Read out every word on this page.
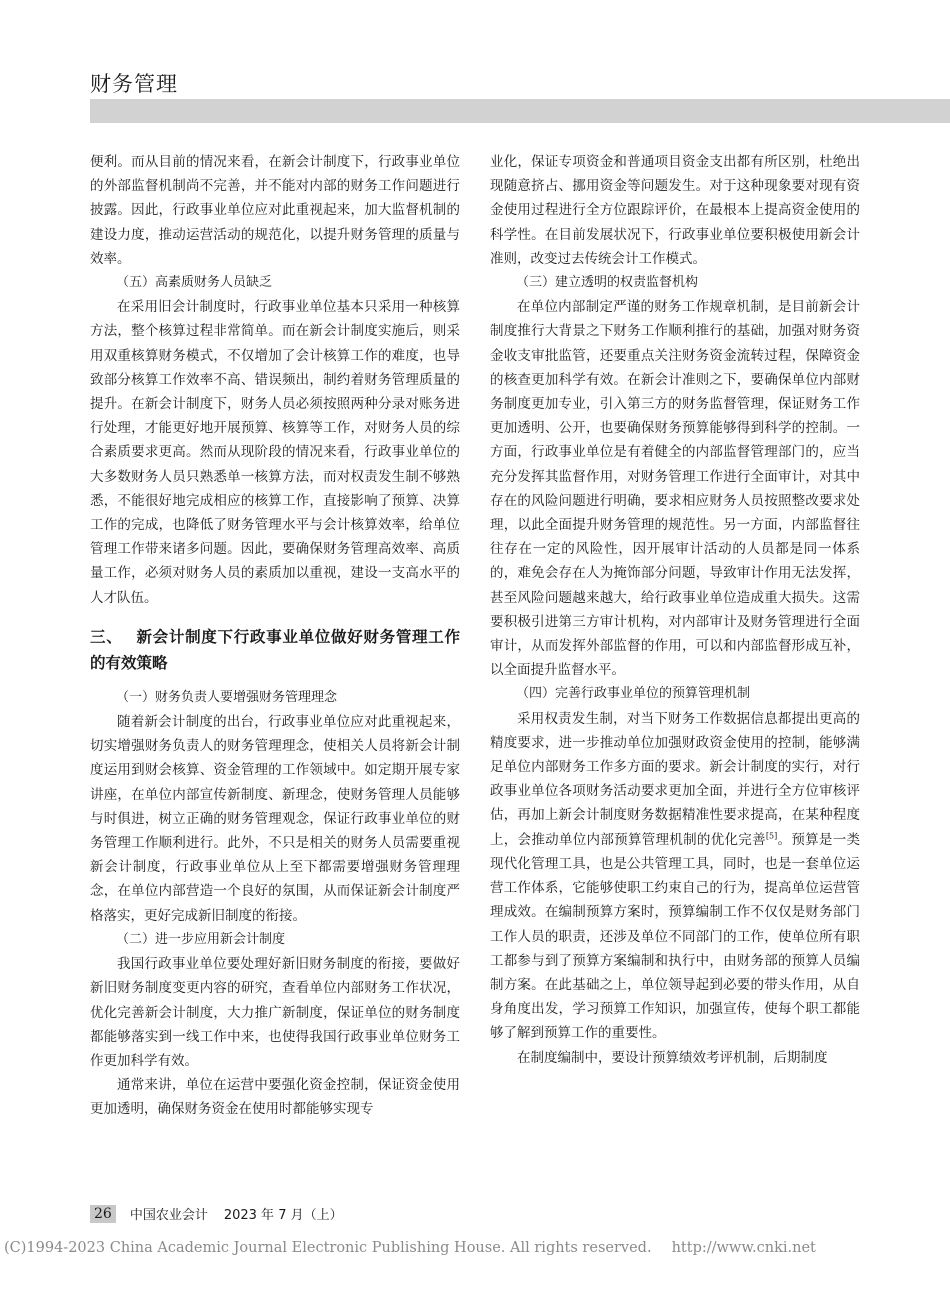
财务管理

便利。而从目前的情况来看，在新会计制度下，行政事业单位的外部监督机制尚不完善，并不能对内部的财务工作问题进行披露。因此，行政事业单位应对此重视起来，加大监督机制的建设力度，推动运营活动的规范化，以提升财务管理的质量与效率。

（五）高素质财务人员缺乏

在采用旧会计制度时，行政事业单位基本只采用一种核算方法，整个核算过程非常简单。而在新会计制度实施后，则采用双重核算财务模式，不仅增加了会计核算工作的难度，也导致部分核算工作效率不高、错误频出，制约着财务管理质量的提升。在新会计制度下，财务人员必须按照两种分录对账务进行处理，才能更好地开展预算、核算等工作，对财务人员的综合素质要求更高。然而从现阶段的情况来看，行政事业单位的大多数财务人员只熟悉单一核算方法，而对权责发生制不够熟悉，不能很好地完成相应的核算工作，直接影响了预算、决算工作的完成，也降低了财务管理水平与会计核算效率，给单位管理工作带来诸多问题。因此，要确保财务管理高效率、高质量工作，必须对财务人员的素质加以重视，建设一支高水平的人才队伍。

三、 新会计制度下行政事业单位做好财务管理工作的有效策略

（一）财务负责人要增强财务管理理念

随着新会计制度的出台，行政事业单位应对此重视起来，切实增强财务负责人的财务管理理念，使相关人员将新会计制度运用到财会核算、资金管理的工作领域中。如定期开展专家讲座，在单位内部宣传新制度、新理念，使财务管理人员能够与时俱进，树立正确的财务管理观念，保证行政事业单位的财务管理工作顺利进行。此外，不只是相关的财务人员需要重视新会计制度，行政事业单位从上至下都需要增强财务管理理念，在单位内部营造一个良好的氛围，从而保证新会计制度严格落实，更好完成新旧制度的衔接。

（二）进一步应用新会计制度

我国行政事业单位要处理好新旧财务制度的衔接，要做好新旧财务制度变更内容的研究，查看单位内部财务工作状况，优化完善新会计制度，大力推广新制度，保证单位的财务制度都能够落实到一线工作中来，也使得我国行政事业单位财务工作更加科学有效。

通常来讲，单位在运营中要强化资金控制，保证资金使用更加透明，确保财务资金在使用时都能够实现专

业化，保证专项资金和普通项目资金支出都有所区别，杜绝出现随意挤占、挪用资金等问题发生。对于这种现象要对现有资金使用过程进行全方位跟踪评价，在最根本上提高资金使用的科学性。在目前发展状况下，行政事业单位要积极使用新会计准则，改变过去传统会计工作模式。

（三）建立透明的权责监督机构

在单位内部制定严谨的财务工作规章机制，是目前新会计制度推行大背景之下财务工作顺利推行的基础，加强对财务资金收支审批监管，还要重点关注财务资金流转过程，保障资金的核查更加科学有效。在新会计准则之下，要确保单位内部财务制度更加专业，引入第三方的财务监督管理，保证财务工作更加透明、公开，也要确保财务预算能够得到科学的控制。一方面，行政事业单位是有着健全的内部监督管理部门的，应当充分发挥其监督作用，对财务管理工作进行全面审计，对其中存在的风险问题进行明确，要求相应财务人员按照整改要求处理，以此全面提升财务管理的规范性。另一方面，内部监督往往存在一定的风险性，因开展审计活动的人员都是同一体系的，难免会存在人为掩饰部分问题，导致审计作用无法发挥，甚至风险问题越来越大，给行政事业单位造成重大损失。这需要积极引进第三方审计机构，对内部审计及财务管理进行全面审计，从而发挥外部监督的作用，可以和内部监督形成互补，以全面提升监督水平。

（四）完善行政事业单位的预算管理机制

采用权责发生制，对当下财务工作数据信息都提出更高的精度要求，进一步推动单位加强财政资金使用的控制，能够满足单位内部财务工作多方面的要求。新会计制度的实行，对行政事业单位各项财务活动要求更加全面，并进行全方位审核评估，再加上新会计制度财务数据精准性要求提高，在某种程度上，会推动单位内部预算管理机制的优化完善[5]。预算是一类现代化管理工具，也是公共管理工具，同时，也是一套单位运营工作体系，它能够使职工约束自己的行为，提高单位运营管理成效。在编制预算方案时，预算编制工作不仅仅是财务部门工作人员的职责，还涉及单位不同部门的工作，使单位所有职工都参与到了预算方案编制和执行中，由财务部的预算人员编制方案。在此基础之上，单位领导起到必要的带头作用，从自身角度出发，学习预算工作知识，加强宣传，使每个职工都能够了解到预算工作的重要性。

在制度编制中，要设计预算绩效考评机制，后期制度

26	中国农业会计 2023 年 7 月（上）
(C)1994-2023 China Academic Journal Electronic Publishing House. All rights reserved. http://www.cnki.net
